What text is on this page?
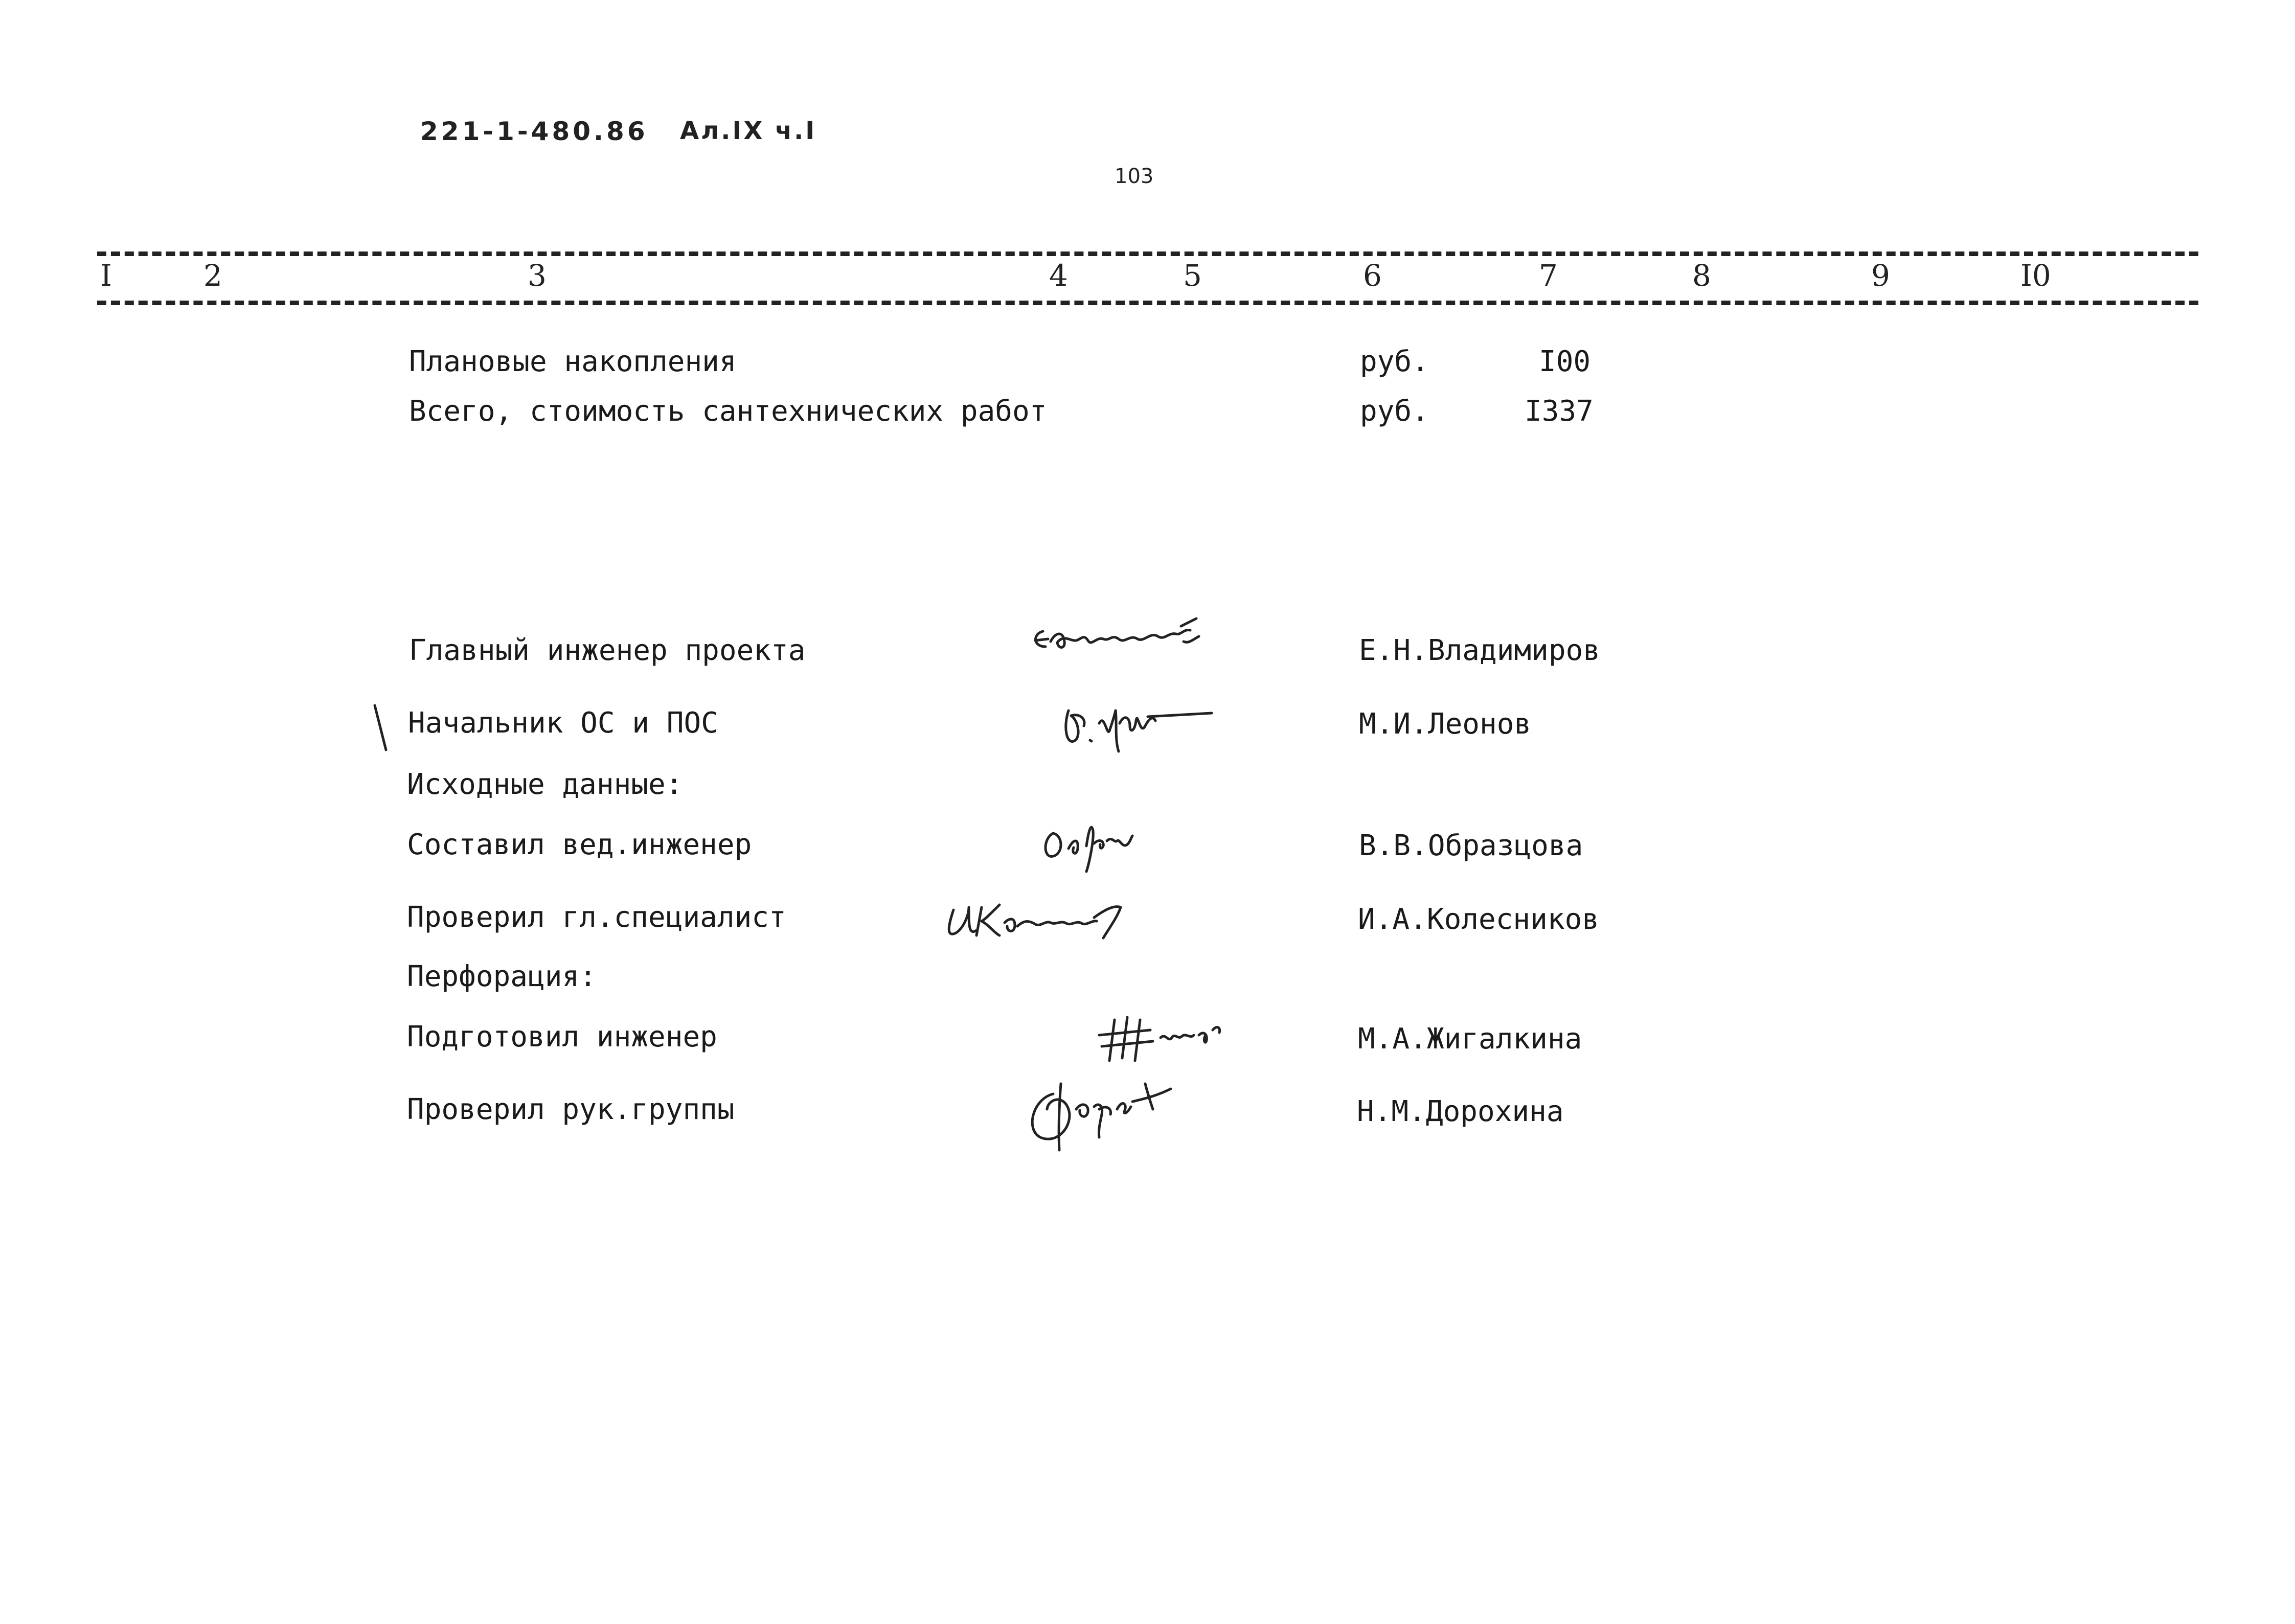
221-1-480.86 Ал.IX ч.I
103
I	2	3	4	5	6	7	8	9	I0
Плановые накопления	руб.	I00
Всего, стоимость сантехнических работ	руб.	I337
Главный инженер проекта	Е.Н.Владимиров
Начальник ОС и ПОС	М.И.Леонов
Исходные данные:
Составил вед.инженер	В.В.Образцова
Проверил гл.специалист	И.А.Колесников
Перфорация:
Подготовил инженер	М.А.Жигалкина
Проверил рук.группы	Н.М.Дорохина
